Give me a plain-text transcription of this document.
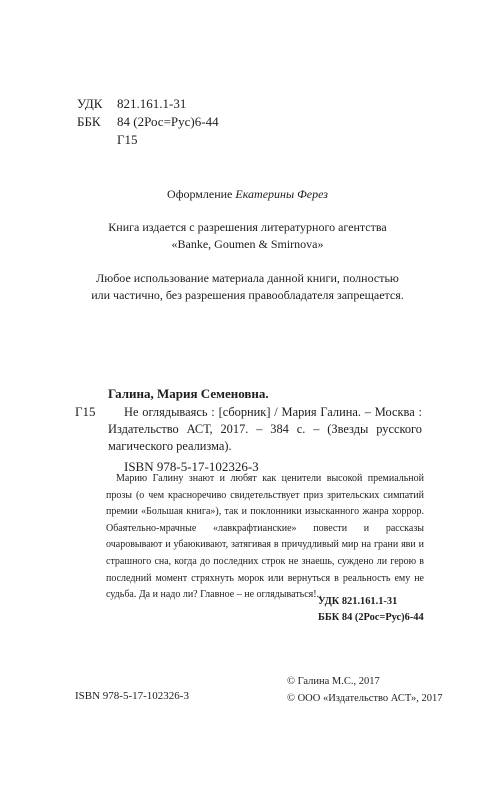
УДК 821.161.1-31
ББК 84 (2Рос=Рус)6-44
Г15
Оформление Екатерины Ферез
Книга издается с разрешения литературного агентства
«Banke, Goumen & Smirnova»
Любое использование материала данной книги, полностью
или частично, без разрешения правообладателя запрещается.
Галина, Мария Семеновна.
Г15	Не оглядываясь : [сборник] / Мария Галина. – Москва : Издательство АСТ, 2017. – 384 с. – (Звезды русского магического реализма).
ISBN 978-5-17-102326-3
Марию Галину знают и любят как ценители высокой премиальной прозы (о чем красноречиво свидетельствует приз зрительских симпатий премии «Большая книга»), так и поклонники изысканного жанра хоррор. Обаятельно-мрачные «лавкрафтианские» повести и рассказы очаровывают и убаюкивают, затягивая в причудливый мир на грани яви и страшного сна, когда до последних строк не знаешь, суждено ли герою в последний момент стряхнуть морок или вернуться в реальность ему не судьба. Да и надо ли? Главное – не оглядываться!..
УДК 821.161.1-31
ББК 84 (2Рос=Рус)6-44
ISBN 978-5-17-102326-3
© Галина М.С., 2017
© ООО «Издательство АСТ», 2017
